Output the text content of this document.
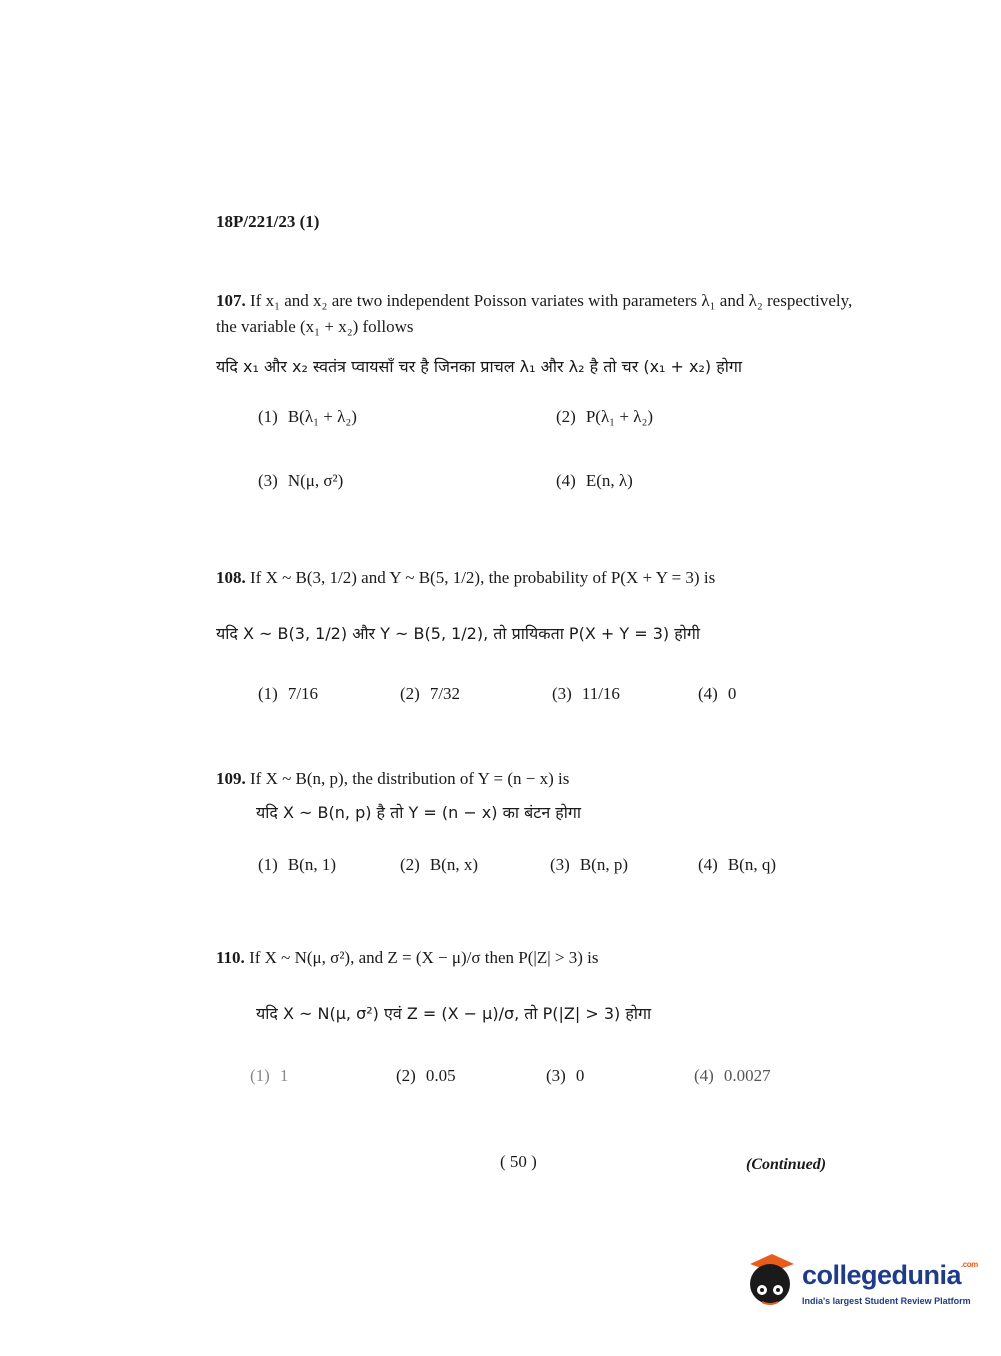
18P/221/23 (1)
107. If x₁ and x₂ are two independent Poisson variates with parameters λ₁ and λ₂ respectively, the variable (x₁ + x₂) follows
यदि x₁ और x₂ स्वतंत्र प्वायसाँ चर है जिनका प्राचल λ₁ और λ₂ है तो चर (x₁ + x₂) होगा
(1) B(λ₁ + λ₂)	(2) P(λ₁ + λ₂)
(3) N(μ, σ²)	(4) E(n, λ)
108. If X ~ B(3, 1/2) and Y ~ B(5, 1/2), the probability of P(X + Y = 3) is
यदि X ~ B(3, 1/2) और Y ~ B(5, 1/2), तो प्रायिकता P(X + Y = 3) होगी
(1) 7/16	(2) 7/32	(3) 11/16	(4) 0
109. If X ~ B(n, p), the distribution of Y = (n − x) is
यदि X ~ B(n, p) है तो Y = (n − x) का बंटन होगा
(1) B(n, 1)	(2) B(n, x)	(3) B(n, p)	(4) B(n, q)
110. If X ~ N(μ, σ²), and Z = (X − μ)/σ then P(|Z| > 3) is
यदि X ~ N(μ, σ²) एवं Z = (X − μ)/σ, तो P(|Z| > 3) होगा
(1) 1	(2) 0.05	(3) 0	(4) 0.0027
( 50 )	(Continued)
collegedunia$^{.com}$
India's largest Student Review Platform
